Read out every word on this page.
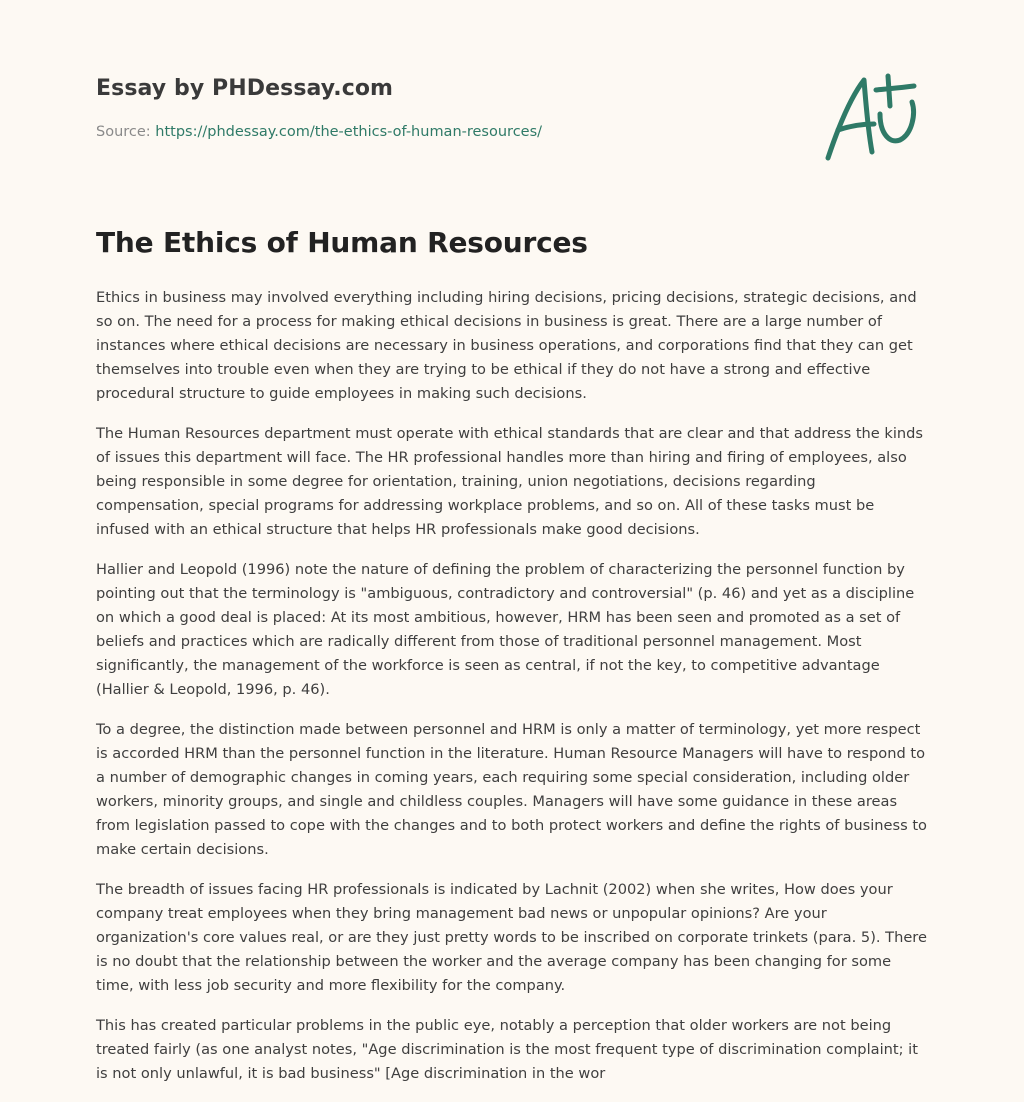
Essay by PHDessay.com
Source: https://phdessay.com/the-ethics-of-human-resources/
The Ethics of Human Resources

Ethics in business may involved everything including hiring decisions, pricing decisions, strategic decisions, and so on. The need for a process for making ethical decisions in business is great. There are a large number of instances where ethical decisions are necessary in business operations, and corporations find that they can get themselves into trouble even when they are trying to be ethical if they do not have a strong and effective procedural structure to guide employees in making such decisions.

The Human Resources department must operate with ethical standards that are clear and that address the kinds of issues this department will face. The HR professional handles more than hiring and firing of employees, also being responsible in some degree for orientation, training, union negotiations, decisions regarding compensation, special programs for addressing workplace problems, and so on. All of these tasks must be infused with an ethical structure that helps HR professionals make good decisions.

Hallier and Leopold (1996) note the nature of defining the problem of characterizing the personnel function by pointing out that the terminology is "ambiguous, contradictory and controversial" (p. 46) and yet as a discipline on which a good deal is placed: At its most ambitious, however, HRM has been seen and promoted as a set of beliefs and practices which are radically different from those of traditional personnel management. Most significantly, the management of the workforce is seen as central, if not the key, to competitive advantage (Hallier & Leopold, 1996, p. 46).

To a degree, the distinction made between personnel and HRM is only a matter of terminology, yet more respect is accorded HRM than the personnel function in the literature. Human Resource Managers will have to respond to a number of demographic changes in coming years, each requiring some special consideration, including older workers, minority groups, and single and childless couples. Managers will have some guidance in these areas from legislation passed to cope with the changes and to both protect workers and define the rights of business to make certain decisions.

The breadth of issues facing HR professionals is indicated by Lachnit (2002) when she writes, How does your company treat employees when they bring management bad news or unpopular opinions? Are your organization's core values real, or are they just pretty words to be inscribed on corporate trinkets (para. 5). There is no doubt that the relationship between the worker and the average company has been changing for some time, with less job security and more flexibility for the company.

This has created particular problems in the public eye, notably a perception that older workers are not being treated fairly (as one analyst notes, "Age discrimination is the most frequent type of discrimination complaint; it is not only unlawful, it is bad business" [Age discrimination in the wor
